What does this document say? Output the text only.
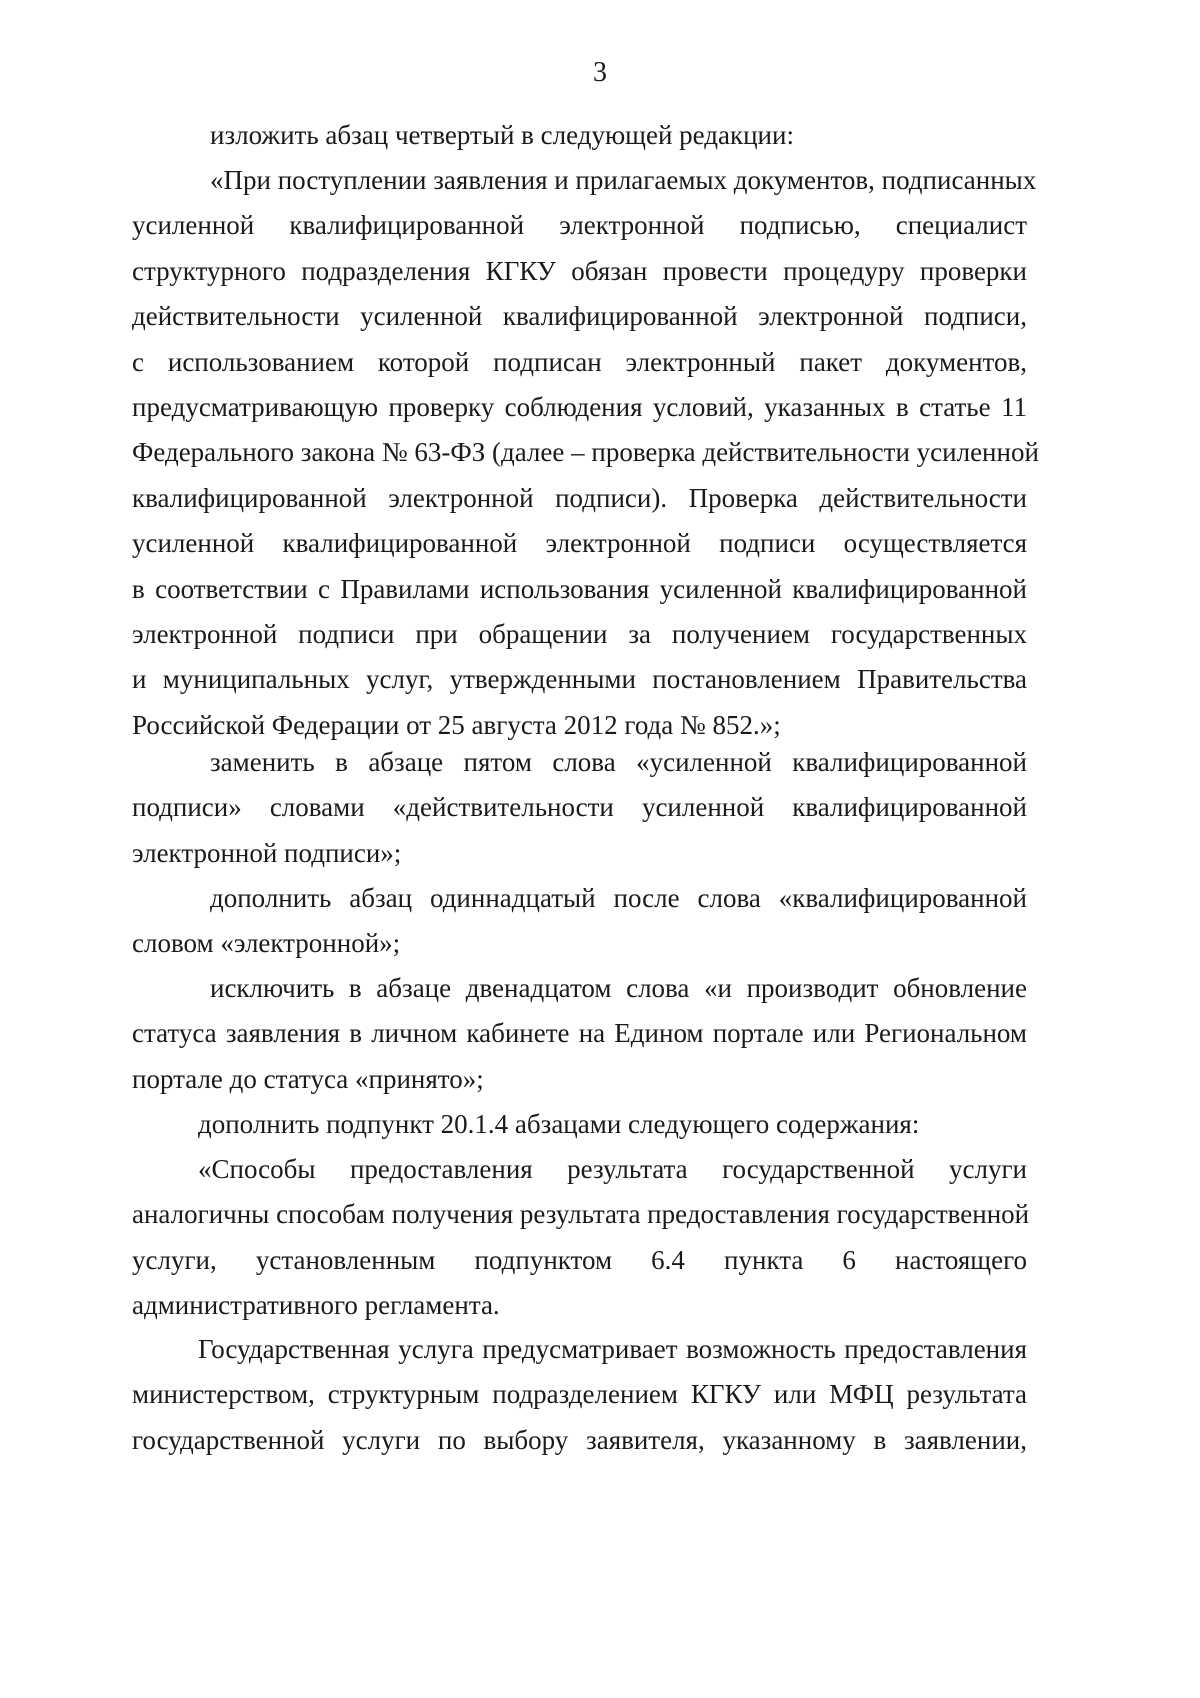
3
изложить абзац четвертый в следующей редакции:
«При поступлении заявления и прилагаемых документов, подписанных
усиленной квалифицированной электронной подписью, специалист
структурного подразделения КГКУ обязан провести процедуру проверки
действительности усиленной квалифицированной электронной подписи,
с использованием которой подписан электронный пакет документов,
предусматривающую проверку соблюдения условий, указанных в статье 11
Федерального закона № 63-ФЗ (далее – проверка действительности усиленной
квалифицированной электронной подписи). Проверка действительности
усиленной квалифицированной электронной подписи осуществляется
в соответствии с Правилами использования усиленной квалифицированной
электронной подписи при обращении за получением государственных
и муниципальных услуг, утвержденными постановлением Правительства
Российской Федерации от 25 августа 2012 года № 852.»;
заменить в абзаце пятом слова «усиленной квалифицированной
подписи» словами «действительности усиленной квалифицированной
электронной подписи»;
дополнить абзац одиннадцатый после слова «квалифицированной
словом «электронной»;
исключить в абзаце двенадцатом слова «и производит обновление
статуса заявления в личном кабинете на Едином портале или Региональном
портале до статуса «принято»;
дополнить подпункт 20.1.4 абзацами следующего содержания:
«Способы предоставления результата государственной услуги
аналогичны способам получения результата предоставления государственной
услуги, установленным подпунктом 6.4 пункта 6 настоящего
административного регламента.
Государственная услуга предусматривает возможность предоставления
министерством, структурным подразделением КГКУ или МФЦ результата
государственной услуги по выбору заявителя, указанному в заявлении,
